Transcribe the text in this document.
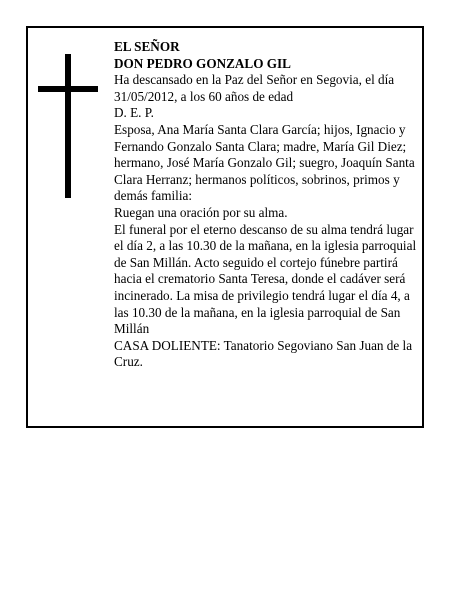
EL SEÑOR

DON PEDRO GONZALO GIL

Ha descansado en la Paz del Señor en Segovia, el día 31/05/2012, a los 60 años de edad

D. E. P.

Esposa, Ana María Santa Clara García; hijos, Ignacio y Fernando Gonzalo Santa Clara; madre, María Gil Diez; hermano, José María Gonzalo Gil; suegro, Joaquín Santa Clara Herranz; hermanos políticos, sobrinos, primos y demás familia:

Ruegan una oración por su alma.

El funeral por el eterno descanso de su alma tendrá lugar el día 2, a las 10.30 de la mañana, en la iglesia parroquial de San Millán. Acto seguido el cortejo fúnebre partirá hacia el crematorio Santa Teresa, donde el cadáver será incinerado. La misa de privilegio tendrá lugar el día 4, a las 10.30 de la mañana, en la iglesia parroquial de San Millán

CASA DOLIENTE: Tanatorio Segoviano San Juan de la Cruz.
